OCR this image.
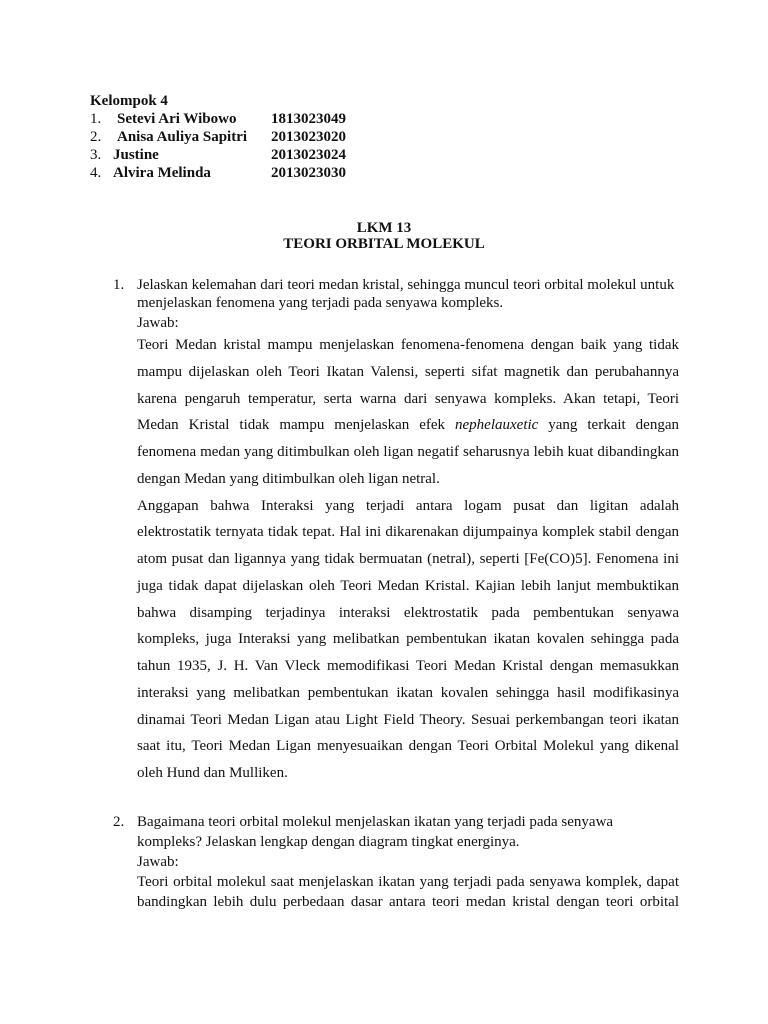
Kelompok 4
1. Setevi Ari Wibowo 1813023049
2. Anisa Auliya Sapitri 2013023020
3. Justine	2013023024
4. Alvira Melinda	2013023030
LKM 13
TEORI ORBITAL MOLEKUL
1. Jelaskan kelemahan dari teori medan kristal, sehingga muncul teori orbital molekul untuk
menjelaskan fenomena yang terjadi pada senyawa kompleks.
Jawab:
Teori Medan kristal mampu menjelaskan fenomena-fenomena dengan baik yang tidak
mampu dijelaskan oleh Teori Ikatan Valensi, seperti sifat magnetik dan perubahannya
karena pengaruh temperatur, serta warna dari senyawa kompleks. Akan tetapi, Teori
Medan Kristal tidak mampu menjelaskan efek nephelauxetic yang terkait dengan
fenomena medan yang ditimbulkan oleh ligan negatif seharusnya lebih kuat dibandingkan
dengan Medan yang ditimbulkan oleh ligan netral.
Anggapan bahwa Interaksi yang terjadi antara logam pusat dan ligitan adalah
elektrostatik ternyata tidak tepat. Hal ini dikarenakan dijumpainya komplek stabil dengan
atom pusat dan ligannya yang tidak bermuatan (netral), seperti [Fe(CO)5]. Fenomena ini
juga tidak dapat dijelaskan oleh Teori Medan Kristal. Kajian lebih lanjut membuktikan
bahwa disamping terjadinya interaksi elektrostatik pada pembentukan senyawa
kompleks, juga Interaksi yang melibatkan pembentukan ikatan kovalen sehingga pada
tahun 1935, J. H. Van Vleck memodifikasi Teori Medan Kristal dengan memasukkan
interaksi yang melibatkan pembentukan ikatan kovalen sehingga hasil modifikasinya
dinamai Teori Medan Ligan atau Light Field Theory. Sesuai perkembangan teori ikatan
saat itu, Teori Medan Ligan menyesuaikan dengan Teori Orbital Molekul yang dikenal
oleh Hund dan Mulliken.
2. Bagaimana teori orbital molekul menjelaskan ikatan yang terjadi pada senyawa
kompleks? Jelaskan lengkap dengan diagram tingkat energinya.
Jawab:
Teori orbital molekul saat menjelaskan ikatan yang terjadi pada senyawa komplek, dapat
bandingkan lebih dulu perbedaan dasar antara teori medan kristal dengan teori orbital
